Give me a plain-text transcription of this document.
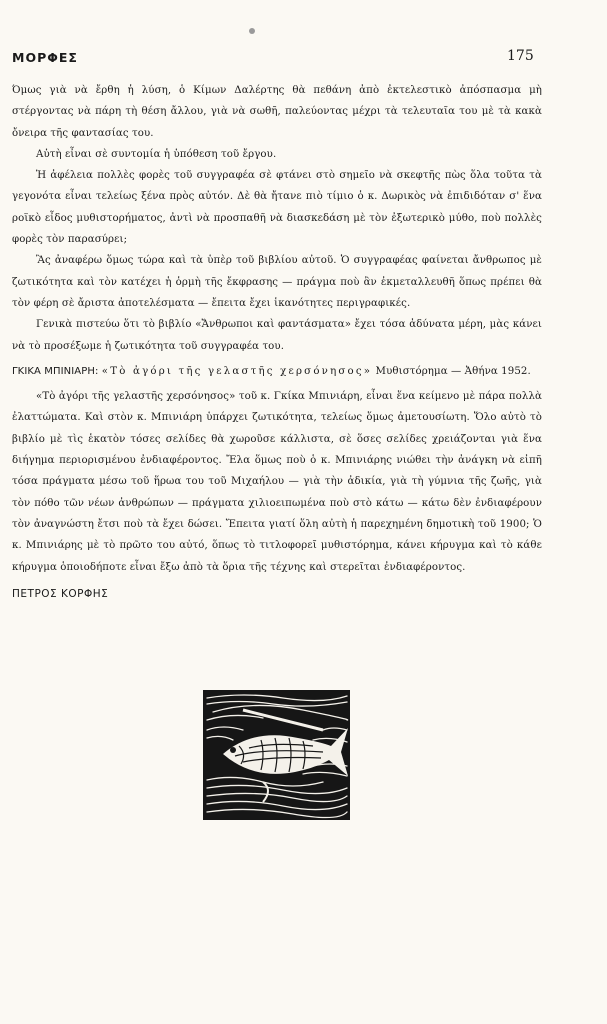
ΜΟΡΦΕΣ	175

Όμως γιὰ νὰ ἔρθη ἡ λύση, ὁ Κίμων Δαλέρτης θὰ πεθάνη ἀπὸ ἐκτελεστικὸ ἀπόσπασμα μὴ στέργοντας νὰ πάρη τὴ θέση ἄλλου, γιὰ νὰ σωθῆ, παλεύοντας μέχρι τὰ τελευταῖα του μὲ τὰ κακὰ ὄνειρα τῆς φαντασίας του.

Αὐτὴ εἶναι σὲ συντομία ἡ ὑπόθεση τοῦ ἔργου.

Ἡ ἀφέλεια πολλὲς φορὲς τοῦ συγγραφέα σὲ φτάνει στὸ σημεῖο νὰ σκεφτῆς πὼς ὅλα τοῦτα τὰ γεγονότα εἶναι τελείως ξένα πρὸς αὐτόν. Δὲ θὰ ἤτανε πιὸ τίμιο ὁ κ. Δωρικὸς νὰ ἐπιδιδόταν σ' ἕνα ροϊκὸ εἶδος μυθιστορήματος, ἀντὶ νὰ προσπαθῆ νὰ διασκεδάση μὲ τὸν ἐξωτερικὸ μύθο, ποὺ πολλὲς φορὲς τὸν παρασύρει;

Ἂς ἀναφέρω ὅμως τώρα καὶ τὰ ὑπὲρ τοῦ βιβλίου αὐτοῦ. Ὁ συγγραφέας φαίνεται ἄνθρωπος μὲ ζωτικότητα καὶ τὸν κατέχει ἡ ὁρμὴ τῆς ἔκφρασης — πράγμα ποὺ ἂν ἐκμεταλλευθῆ ὅπως πρέπει θὰ τὸν φέρη σὲ ἄριστα ἀποτελέσματα — ἔπειτα ἔχει ἱκανότητες περιγραφικές.

Γενικὰ πιστεύω ὅτι τὸ βιβλίο «Ἄνθρωποι καὶ φαντάσματα» ἔχει τόσα ἀδύνατα μέρη, μὰς κάνει νὰ τὸ προσέξωμε ἡ ζωτικότητα τοῦ συγγραφέα του.

ΓΚΙΚΑ ΜΠΙΝΙΑΡΗ: «Τὸ ἀγόρι τῆς γελαστῆς χερσόνησος» Μυθιστόρημα — Ἀθήνα 1952.

«Τὸ ἀγόρι τῆς γελαστῆς χερσόνησος» τοῦ κ. Γκίκα Μπινιάρη, εἶναι ἕνα κείμενο μὲ πάρα πολλὰ ἐλαττώματα. Καὶ στὸν κ. Μπινιάρη ὑπάρχει ζωτικότητα, τελείως ὅμως ἀμετουσίωτη. Ὅλο αὐτὸ τὸ βιβλίο μὲ τὶς ἑκατὸν τόσες σελίδες θὰ χωροῦσε κάλλιστα, σὲ ὅσες σελίδες χρειάζονται γιὰ ἕνα διήγημα περιορισμένου ἐνδιαφέροντος. Ἔλα ὅμως ποὺ ὁ κ. Μπινιάρης νιώθει τὴν ἀνάγκη νὰ εἰπῆ τόσα πράγματα μέσω τοῦ ἥρωα του τοῦ Μιχαήλου — γιὰ τὴν ἀδικία, γιὰ τὴ γύμνια τῆς ζωῆς, γιὰ τὸν πόθο τῶν νέων ἀνθρώπων — πράγματα χιλιοειπωμένα ποὺ στὸ κάτω — κάτω δὲν ἐνδιαφέρουν τὸν ἀναγνώστη ἔτσι ποὺ τὰ ἔχει δώσει. Ἔπειτα γιατί ὅλη αὐτὴ ἡ παρεχημένη δημοτικὴ τοῦ 1900; Ὁ κ. Μπινιάρης μὲ τὸ πρῶτο του αὐτό, ὅπως τὸ τιτλοφορεῖ μυθιστόρημα, κάνει κήρυγμα καὶ τὸ κάθε κήρυγμα ὁποιοδήποτε εἶναι ἔξω ἀπὸ τὰ ὅρια τῆς τέχνης καὶ στερεῖται ἐνδιαφέροντος.

ΠΕΤΡΟΣ ΚΟΡΦΗΣ
